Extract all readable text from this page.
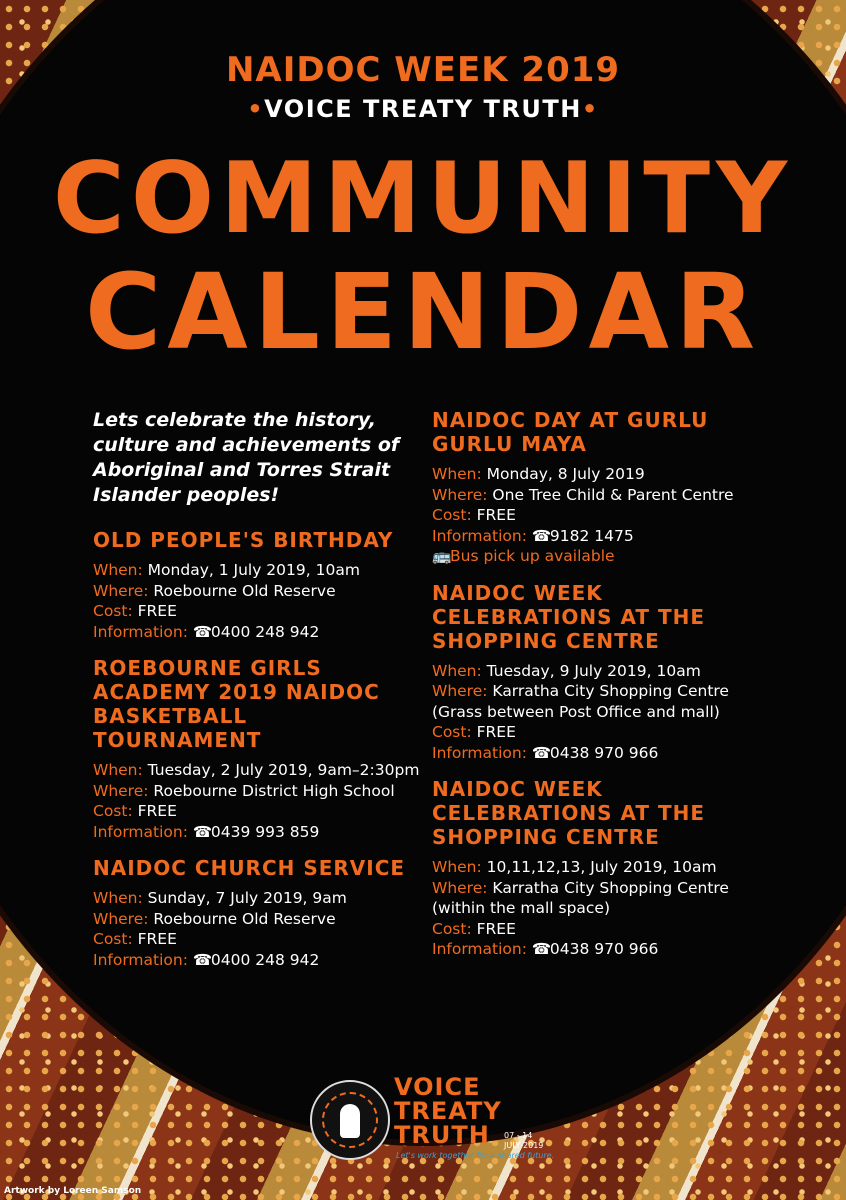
NAIDOC WEEK 2019
•VOICE TREATY TRUTH•
COMMUNITY
CALENDAR
Lets celebrate the history, culture and achievements of Aboriginal and Torres Strait Islander peoples!
OLD PEOPLE'S BIRTHDAY
When: Monday, 1 July 2019, 10am
Where: Roebourne Old Reserve
Cost: FREE
Information: ☎0400 248 942
ROEBOURNE GIRLS ACADEMY 2019 NAIDOC BASKETBALL TOURNAMENT
When: Tuesday, 2 July 2019, 9am–2:30pm
Where: Roebourne District High School
Cost: FREE
Information: ☎0439 993 859
NAIDOC CHURCH SERVICE
When: Sunday, 7 July 2019, 9am
Where: Roebourne Old Reserve
Cost: FREE
Information: ☎0400 248 942
NAIDOC DAY AT GURLU GURLU MAYA
When: Monday, 8 July 2019
Where: One Tree Child & Parent Centre
Cost: FREE
Information: ☎9182 1475
🚌Bus pick up available
NAIDOC WEEK CELEBRATIONS AT THE SHOPPING CENTRE
When: Tuesday, 9 July 2019, 10am
Where: Karratha City Shopping Centre
(Grass between Post Office and mall)
Cost: FREE
Information: ☎0438 970 966
NAIDOC WEEK CELEBRATIONS AT THE SHOPPING CENTRE
When: 10,11,12,13, July 2019, 10am
Where: Karratha City Shopping Centre
(within the mall space)
Cost: FREE
Information: ☎0438 970 966
VOICE
TREATY
TRUTH	07 - 14
JULY 2019
Let's work together for a shared future.
Artwork by Loreen Samson
